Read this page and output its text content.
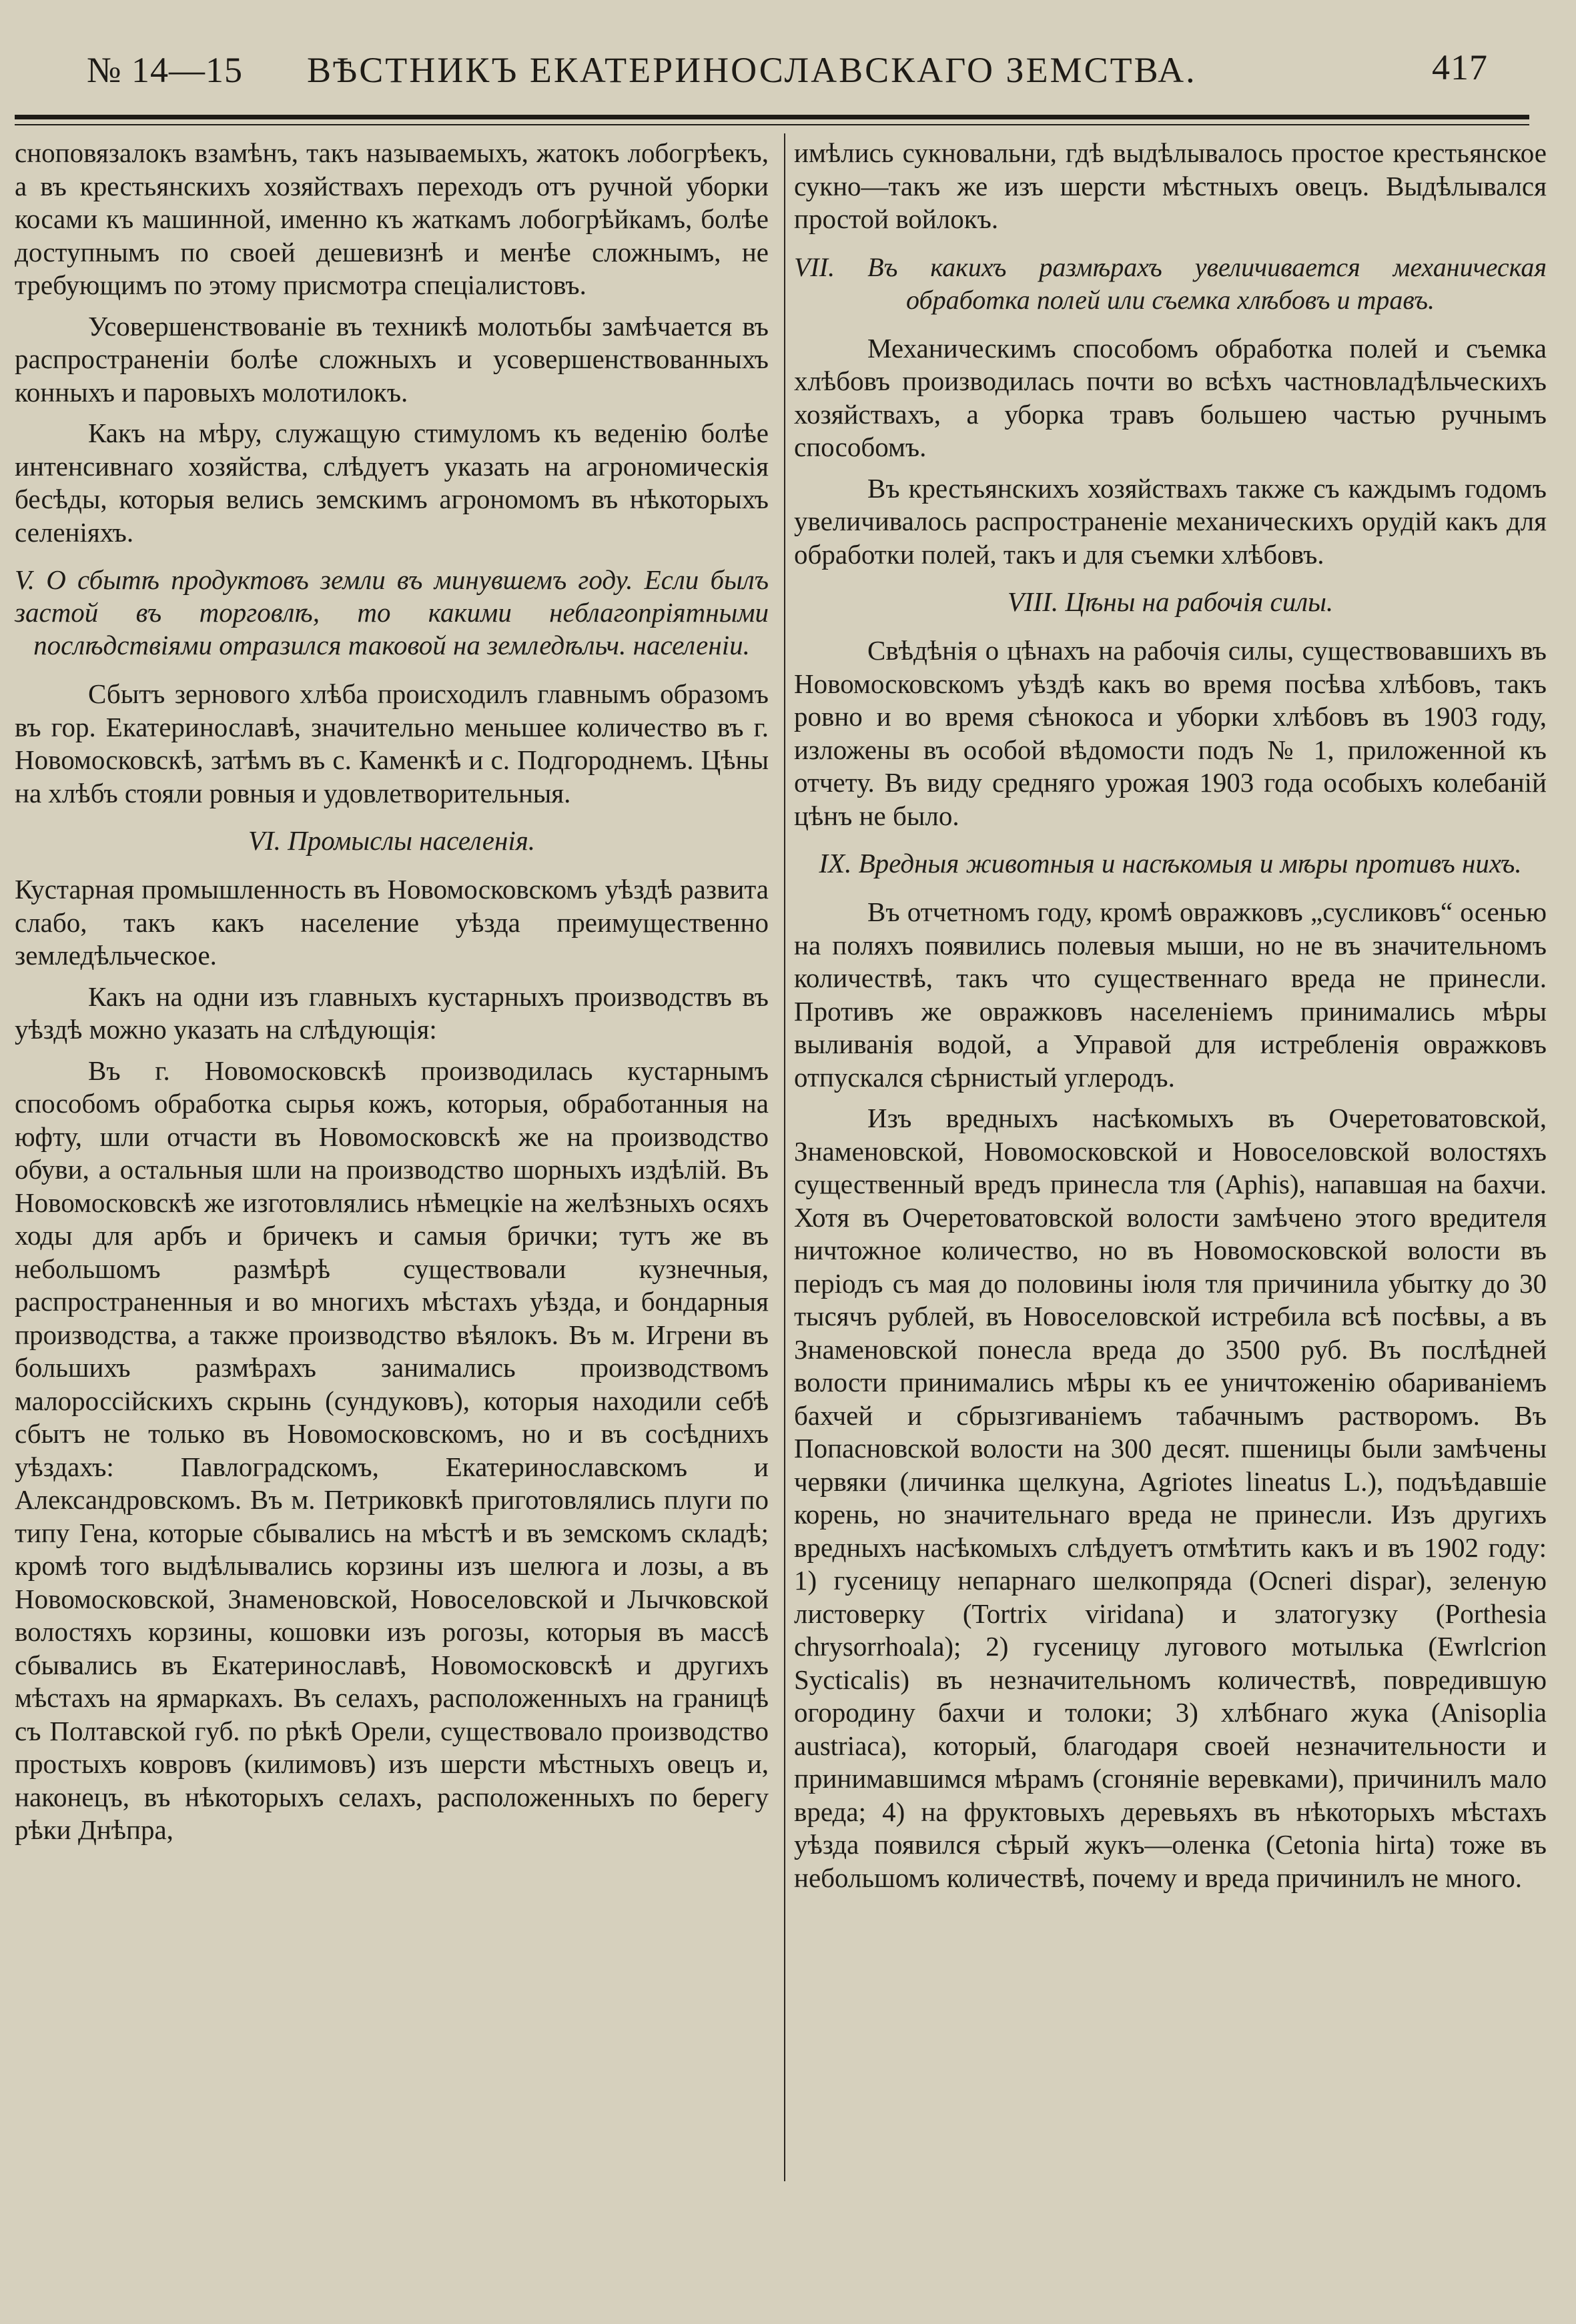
№ 14—15 ВѢСТНИКЪ ЕКАТЕРИНОСЛАВСКАГО ЗЕМСТВА.	417

сноповязалокъ взамѣнъ, такъ называемыхъ, жатокъ лобогрѣекъ, а въ крестьянскихъ хозяйствахъ переходъ отъ ручной уборки косами къ машинной, именно къ жаткамъ лобогрѣйкамъ, болѣе доступнымъ по своей дешевизнѣ и менѣе сложнымъ, не требующимъ по этому присмотра спеціалистовъ.

Усовершенствованіе въ техникѣ молотьбы замѣчается въ распространеніи болѣе сложныхъ и усовершенствованныхъ конныхъ и паровыхъ молотилокъ.

Какъ на мѣру, служащую стимуломъ къ веденію болѣе интенсивнаго хозяйства, слѣдуетъ указать на агрономическія бесѣды, которыя велись земскимъ агрономомъ въ нѣкоторыхъ селеніяхъ.

V. О сбытѣ продуктовъ земли въ минувшемъ году. Если былъ застой въ торговлѣ, то какими неблагопріятными послѣдствіями отразился таковой на земледѣльч. населеніи.

Сбытъ зернового хлѣба происходилъ главнымъ образомъ въ гор. Екатеринославѣ, значительно меньшее количество въ г. Новомосковскѣ, затѣмъ въ с. Каменкѣ и с. Подгороднемъ. Цѣны на хлѣбъ стояли ровныя и удовлетворительныя.

VI. Промыслы населенія.

Кустарная промышленность въ Новомосковскомъ уѣздѣ развита слабо, такъ какъ население уѣзда преимущественно земледѣльческое.

Какъ на одни изъ главныхъ кустарныхъ производствъ въ уѣздѣ можно указать на слѣдующія:

Въ г. Новомосковскѣ производилась кустарнымъ способомъ обработка сырья кожъ, которыя, обработанныя на юфту, шли отчасти въ Новомосковскѣ же на производство обуви, а остальныя шли на производство шорныхъ издѣлій. Въ Новомосковскѣ же изготовлялись нѣмецкіе на желѣзныхъ осяхъ ходы для арбъ и бричекъ и самыя брички; тутъ же въ небольшомъ размѣрѣ существовали кузнечныя, распространенныя и во многихъ мѣстахъ уѣзда, и бондарныя производства, а также производство вѣялокъ. Въ м. Игрени въ большихъ размѣрахъ занимались производствомъ малороссійскихъ скрынь (сундуковъ), которыя находили себѣ сбытъ не только въ Новомосковскомъ, но и въ сосѣднихъ уѣздахъ: Павлоградскомъ, Екатеринославскомъ и Александровскомъ. Въ м. Петриковкѣ приготовлялись плуги по типу Гена, которые сбывались на мѣстѣ и въ земскомъ складѣ; кромѣ того выдѣлывались корзины изъ шелюга и лозы, а въ Новомосковской, Знаменовской, Новоселовской и Лычковской волостяхъ корзины, кошовки изъ рогозы, которыя въ массѣ сбывались въ Екатеринославѣ, Новомосковскѣ и другихъ мѣстахъ на ярмаркахъ. Въ селахъ, расположенныхъ на границѣ съ Полтавской губ. по рѣкѣ Орели, существовало производство простыхъ ковровъ (килимовъ) изъ шерсти мѣстныхъ овецъ и, наконецъ, въ нѣкоторыхъ селахъ, расположенныхъ по берегу рѣки Днѣпра,

имѣлись сукновальни, гдѣ выдѣлывалось простое крестьянское сукно—такъ же изъ шерсти мѣстныхъ овецъ. Выдѣлывался простой войлокъ.

VII. Въ какихъ размѣрахъ увеличивается механическая обработка полей или съемка хлѣбовъ и травъ.

Механическимъ способомъ обработка полей и съемка хлѣбовъ производилась почти во всѣхъ частновладѣльческихъ хозяйствахъ, а уборка травъ большею частью ручнымъ способомъ.

Въ крестьянскихъ хозяйствахъ также съ каждымъ годомъ увеличивалось распространеніе механическихъ орудій какъ для обработки полей, такъ и для съемки хлѣбовъ.

VIII. Цѣны на рабочія силы.

Свѣдѣнія о цѣнахъ на рабочія силы, существовавшихъ въ Новомосковскомъ уѣздѣ какъ во время посѣва хлѣбовъ, такъ ровно и во время сѣнокоса и уборки хлѣбовъ въ 1903 году, изложены въ особой вѣдомости подъ № 1, приложенной къ отчету. Въ виду средняго урожая 1903 года особыхъ колебаній цѣнъ не было.

IX. Вредныя животныя и насѣкомыя и мѣры противъ нихъ.

Въ отчетномъ году, кромѣ овражковъ „сусликовъ“ осенью на поляхъ появились полевыя мыши, но не въ значительномъ количествѣ, такъ что существеннаго вреда не принесли. Противъ же овражковъ населеніемъ принимались мѣры выливанія водой, а Управой для истребленія овражковъ отпускался сѣрнистый углеродъ.

Изъ вредныхъ насѣкомыхъ въ Очеретоватовской, Знаменовской, Новомосковской и Новоселовской волостяхъ существенный вредъ принесла тля (Aphis), напавшая на бахчи. Хотя въ Очеретоватовской волости замѣчено этого вредителя ничтожное количество, но въ Новомосковской волости въ періодъ съ мая до половины іюля тля причинила убытку до 30 тысячъ рублей, въ Новоселовской истребила всѣ посѣвы, а въ Знаменовской понесла вреда до 3500 руб. Въ послѣдней волости принимались мѣры къ ее уничтоженію обариваніемъ бахчей и сбрызгиваніемъ табачнымъ растворомъ. Въ Попасновской волости на 300 десят. пшеницы были замѣчены червяки (личинка щелкуна, Agriotes lineatus L.), подъѣдавшіе корень, но значительнаго вреда не принесли. Изъ другихъ вредныхъ насѣкомыхъ слѣдуетъ отмѣтить какъ и въ 1902 году: 1) гусеницу непарнаго шелкопряда (Ocneri dispar), зеленую листоверку (Tortrix viridana) и златогузку (Porthesia chrysorrhoala); 2) гусеницу лугового мотылька (Ewrlcrion Sycticalis) въ незначительномъ количествѣ, повредившую огородину бахчи и толоки; 3) хлѣбнаго жука (Anisoplia austriaca), который, благодаря своей незначительности и принимавшимся мѣрамъ (сгоняніе веревками), причинилъ мало вреда; 4) на фруктовыхъ деревьяхъ въ нѣкоторыхъ мѣстахъ уѣзда появился сѣрый жукъ—оленка (Cetonia hirta) тоже въ небольшомъ количествѣ, почему и вреда причинилъ не много.
